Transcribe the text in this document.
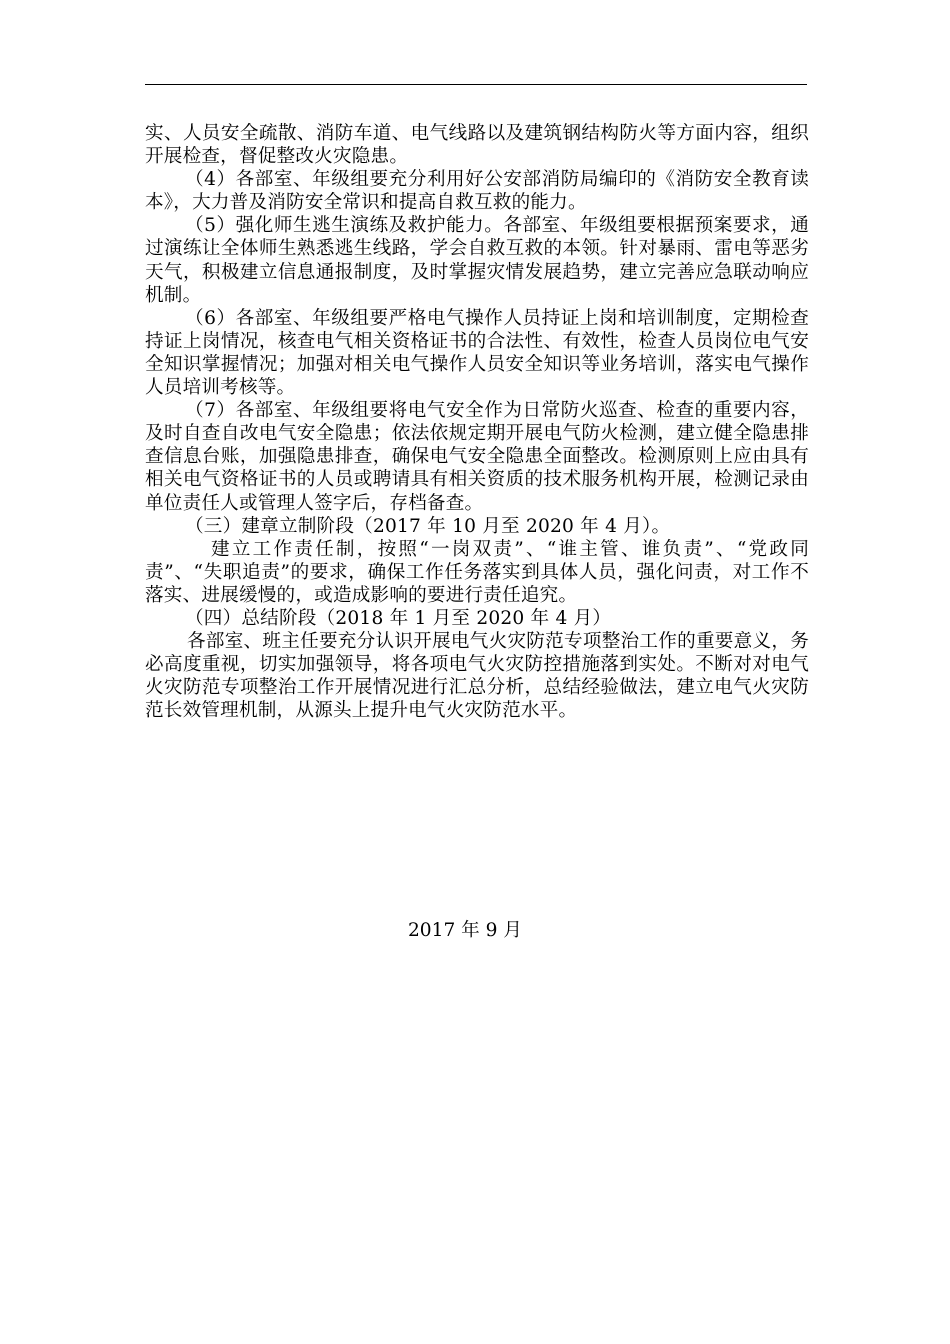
实、人员安全疏散、消防车道、电气线路以及建筑钢结构防火等方面内容，组织开展检查，督促整改火灾隐患。

（4）各部室、年级组要充分利用好公安部消防局编印的《消防安全教育读本》，大力普及消防安全常识和提高自救互救的能力。

（5）强化师生逃生演练及救护能力。各部室、年级组要根据预案要求，通过演练让全体师生熟悉逃生线路，学会自救互救的本领。针对暴雨、雷电等恶劣天气，积极建立信息通报制度，及时掌握灾情发展趋势，建立完善应急联动响应机制。

（6）各部室、年级组要严格电气操作人员持证上岗和培训制度，定期检查持证上岗情况，核查电气相关资格证书的合法性、有效性，检查人员岗位电气安全知识掌握情况；加强对相关电气操作人员安全知识等业务培训，落实电气操作人员培训考核等。

（7）各部室、年级组要将电气安全作为日常防火巡查、检查的重要内容，及时自查自改电气安全隐患；依法依规定期开展电气防火检测，建立健全隐患排查信息台账，加强隐患排查，确保电气安全隐患全面整改。检测原则上应由具有相关电气资格证书的人员或聘请具有相关资质的技术服务机构开展，检测记录由单位责任人或管理人签字后，存档备查。

（三）建章立制阶段（2017 年 10 月至 2020 年 4 月）。

建立工作责任制，按照“一岗双责”、“谁主管、谁负责”、“党政同责”、“失职追责”的要求，确保工作任务落实到具体人员，强化问责，对工作不落实、进展缓慢的，或造成影响的要进行责任追究。

（四）总结阶段（2018 年 1 月至 2020 年 4 月）

各部室、班主任要充分认识开展电气火灾防范专项整治工作的重要意义，务必高度重视，切实加强领导，将各项电气火灾防控措施落到实处。不断对对电气火灾防范专项整治工作开展情况进行汇总分析，总结经验做法，建立电气火灾防范长效管理机制，从源头上提升电气火灾防范水平。

2017 年 9 月
